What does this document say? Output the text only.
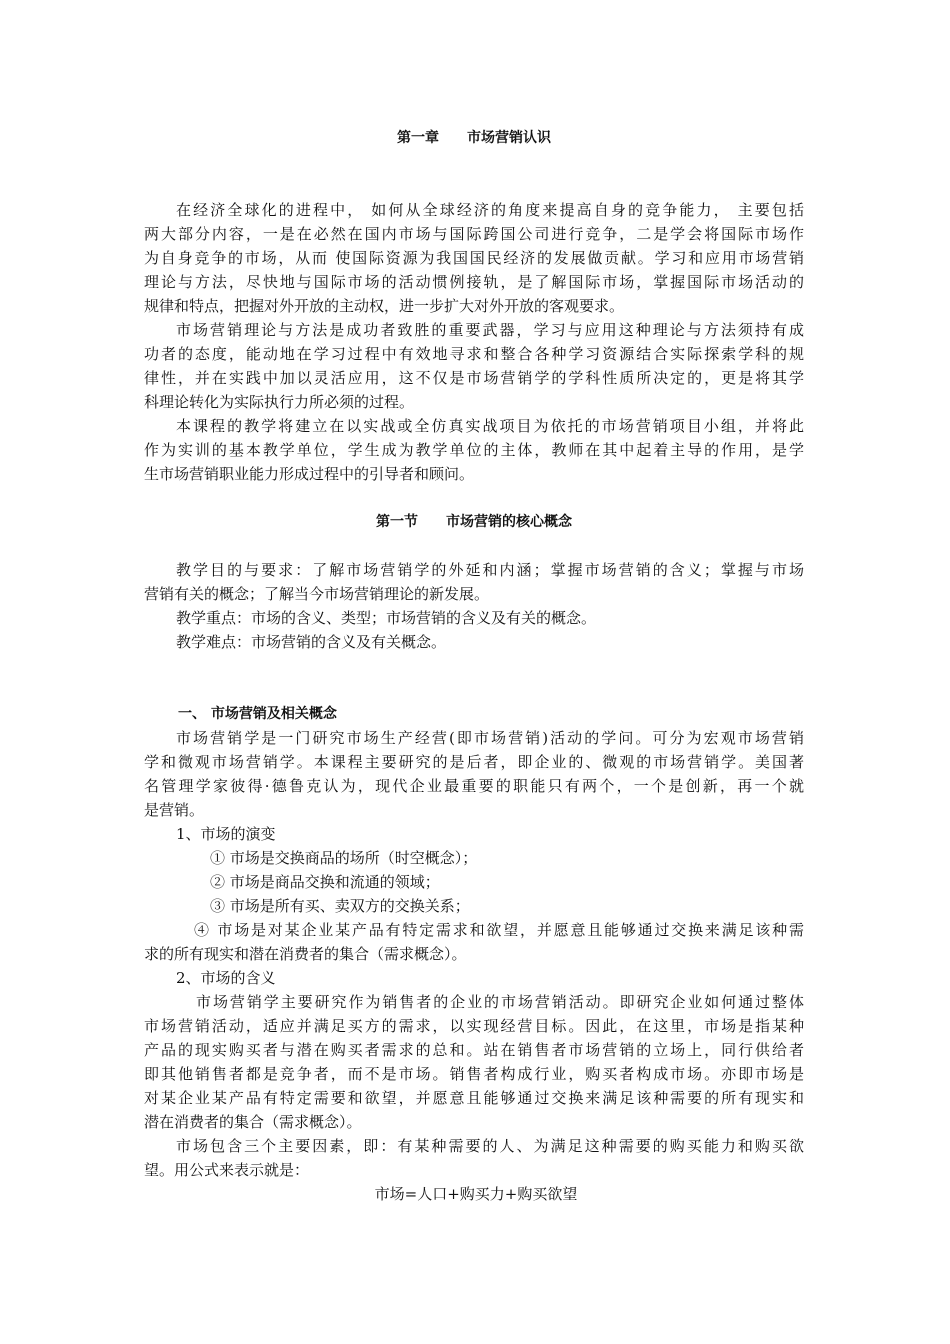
第一章 市场营销认识
在经济全球化的进程中， 如何从全球经济的角度来提高自身的竞争能力， 主要包括
两大部分内容，一是在必然在国内市场与国际跨国公司进行竞争，二是学会将国际市场作
为自身竞争的市场，从而 使国际资源为我国国民经济的发展做贡献。学习和应用市场营销
理论与方法，尽快地与国际市场的活动惯例接轨，是了解国际市场，掌握国际市场活动的
规律和特点，把握对外开放的主动权，进一步扩大对外开放的客观要求。
市场营销理论与方法是成功者致胜的重要武器，学习与应用这种理论与方法须持有成
功者的态度，能动地在学习过程中有效地寻求和整合各种学习资源结合实际探索学科的规
律性，并在实践中加以灵活应用，这不仅是市场营销学的学科性质所决定的，更是将其学
科理论转化为实际执行力所必须的过程。
本课程的教学将建立在以实战或全仿真实战项目为依托的市场营销项目小组，并将此
作为实训的基本教学单位，学生成为教学单位的主体，教师在其中起着主导的作用，是学
生市场营销职业能力形成过程中的引导者和顾问。
第一节 市场营销的核心概念
教学目的与要求：了解市场营销学的外延和内涵；掌握市场营销的含义；掌握与市场
营销有关的概念；了解当今市场营销理论的新发展。
教学重点：市场的含义、类型；市场营销的含义及有关的概念。
教学难点：市场营销的含义及有关概念。
一、 市场营销及相关概念
市场营销学是一门研究市场生产经营(即市场营销)活动的学问。可分为宏观市场营销
学和微观市场营销学。本课程主要研究的是后者，即企业的、微观的市场营销学。美国著
名管理学家彼得·德鲁克认为，现代企业最重要的职能只有两个，一个是创新，再一个就
是营销。
1、市场的演变
① 市场是交换商品的场所（时空概念）；
② 市场是商品交换和流通的领域；
③ 市场是所有买、卖双方的交换关系；
④ 市场是对某企业某产品有特定需求和欲望，并愿意且能够通过交换来满足该种需
求的所有现实和潜在消费者的集合（需求概念）。
2、市场的含义
市场营销学主要研究作为销售者的企业的市场营销活动。即研究企业如何通过整体
市场营销活动，适应并满足买方的需求，以实现经营目标。因此，在这里，市场是指某种
产品的现实购买者与潜在购买者需求的总和。站在销售者市场营销的立场上，同行供给者
即其他销售者都是竞争者，而不是市场。销售者构成行业，购买者构成市场。亦即市场是
对某企业某产品有特定需要和欲望，并愿意且能够通过交换来满足该种需要的所有现实和
潜在消费者的集合（需求概念）。
市场包含三个主要因素，即：有某种需要的人、为满足这种需要的购买能力和购买欲
望。用公式来表示就是：
市场=人口+购买力+购买欲望
